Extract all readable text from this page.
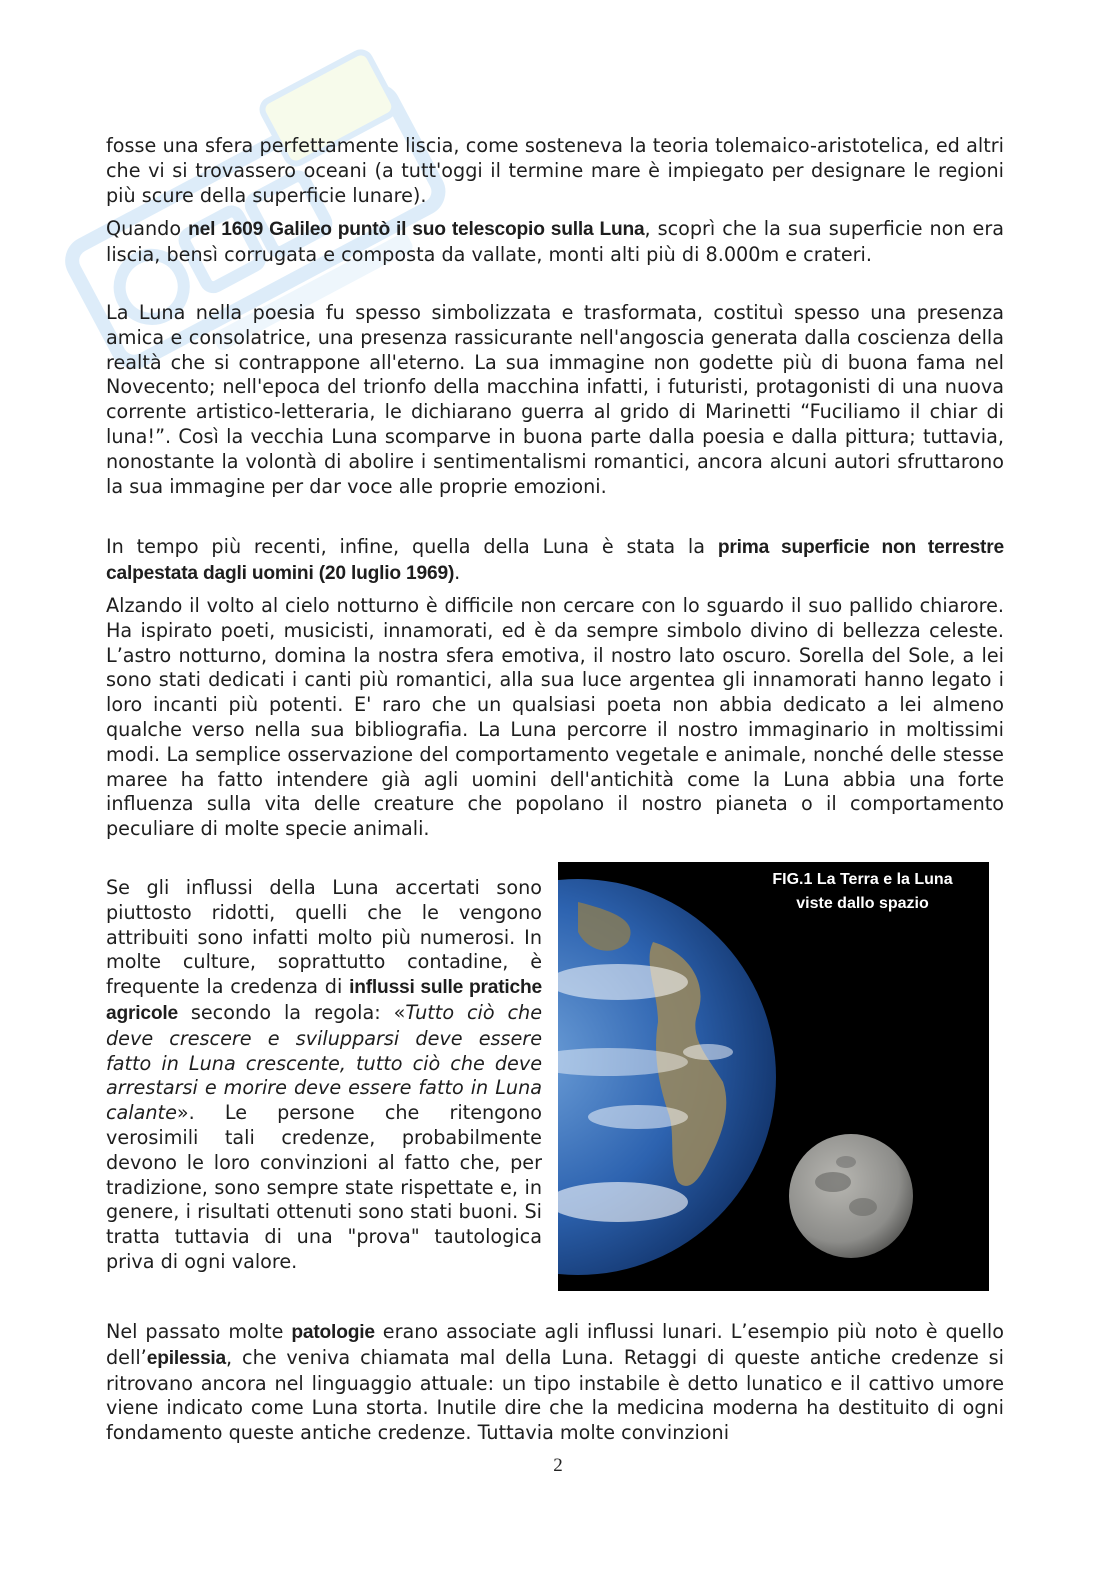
fosse una sfera perfettamente liscia, come sosteneva la teoria tolemaico-aristotelica, ed altri che vi si trovassero oceani (a tutt'oggi il termine mare è impiegato per designare le regioni più scure della superficie lunare).

Quando nel 1609 Galileo puntò il suo telescopio sulla Luna, scoprì che la sua superficie non era liscia, bensì corrugata e composta da vallate, monti alti più di 8.000m e crateri.

La Luna nella poesia fu spesso simbolizzata e trasformata, costituì spesso una presenza amica e consolatrice, una presenza rassicurante nell'angoscia generata dalla coscienza della realtà che si contrappone all'eterno. La sua immagine non godette più di buona fama nel Novecento; nell'epoca del trionfo della macchina infatti, i futuristi, protagonisti di una nuova corrente artistico-letteraria, le dichiarano guerra al grido di Marinetti “Fuciliamo il chiar di luna!”. Così la vecchia Luna scomparve in buona parte dalla poesia e dalla pittura; tuttavia, nonostante la volontà di abolire i sentimentalismi romantici, ancora alcuni autori sfruttarono la sua immagine per dar voce alle proprie emozioni.

In tempo più recenti, infine, quella della Luna è stata la prima superficie non terrestre calpestata dagli uomini (20 luglio 1969).

Alzando il volto al cielo notturno è difficile non cercare con lo sguardo il suo pallido chiarore. Ha ispirato poeti, musicisti, innamorati, ed è da sempre simbolo divino di bellezza celeste. L’astro notturno, domina la nostra sfera emotiva, il nostro lato oscuro. Sorella del Sole, a lei sono stati dedicati i canti più romantici, alla sua luce argentea gli innamorati hanno legato i loro incanti più potenti. E' raro che un qualsiasi poeta non abbia dedicato a lei almeno qualche verso nella sua bibliografia. La Luna percorre il nostro immaginario in moltissimi modi. La semplice osservazione del comportamento vegetale e animale, nonché delle stesse maree ha fatto intendere già agli uomini dell'antichità come la Luna abbia una forte influenza sulla vita delle creature che popolano il nostro pianeta o il comportamento peculiare di molte specie animali.

Se gli influssi della Luna accertati sono piuttosto ridotti, quelli che le vengono attribuiti sono infatti molto più numerosi. In molte culture, soprattutto contadine, è frequente la credenza di influssi sulle pratiche agricole secondo la regola: «Tutto ciò che deve crescere e svilupparsi deve essere fatto in Luna crescente, tutto ciò che deve arrestarsi e morire deve essere fatto in Luna calante». Le persone che ritengono verosimili tali credenze, probabilmente devono le loro convinzioni al fatto che, per tradizione, sono sempre state rispettate e, in genere, i risultati ottenuti sono stati buoni. Si tratta tuttavia di una "prova" tautologica priva di ogni valore.

FIG.1 La Terra e la Luna
viste dallo spazio

Nel passato molte patologie erano associate agli influssi lunari. L’esempio più noto è quello dell’epilessia, che veniva chiamata mal della Luna. Retaggi di queste antiche credenze si ritrovano ancora nel linguaggio attuale: un tipo instabile è detto lunatico e il cattivo umore viene indicato come Luna storta. Inutile dire che la medicina moderna ha destituito di ogni fondamento queste antiche credenze. Tuttavia molte convinzioni

2
